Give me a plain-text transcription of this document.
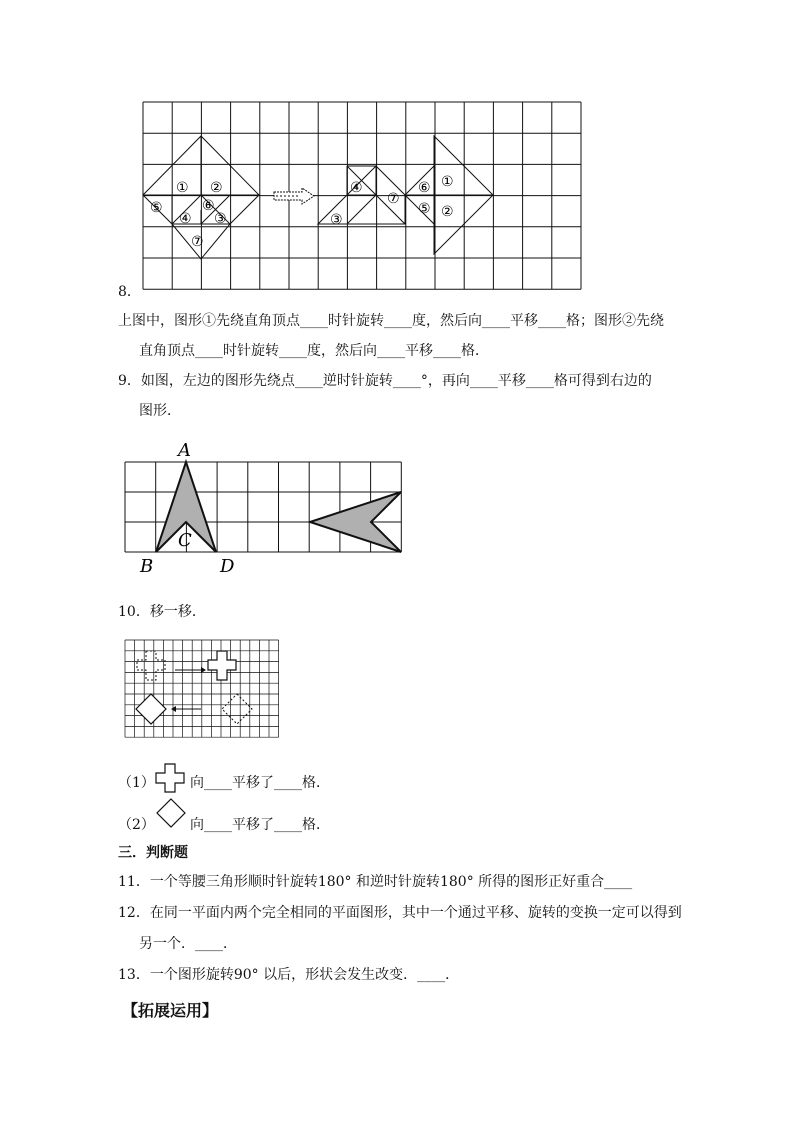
① ②
⑤
④
⑥
③
⑦
④
⑦
③
⑥ ①
⑤ ②
8．
上图中，图形①先绕直角顶点____时针旋转____度，然后向____平移____格；图形②先绕
直角顶点____时针旋转____度，然后向____平移____格．
9．如图，左边的图形先绕点____逆时针旋转____°，再向____平移____格可得到右边的
图形．
A
B
C
D
10．移一移．
（1）	向____平移了____格．
（2）	向____平移了____格．
三．判断题
11．一个等腰三角形顺时针旋转180° 和逆时针旋转180° 所得的图形正好重合____
12．在同一平面内两个完全相同的平面图形，其中一个通过平移、旋转的变换一定可以得到
另一个．____．
13．一个图形旋转90° 以后，形状会发生改变．____．
【拓展运用】
